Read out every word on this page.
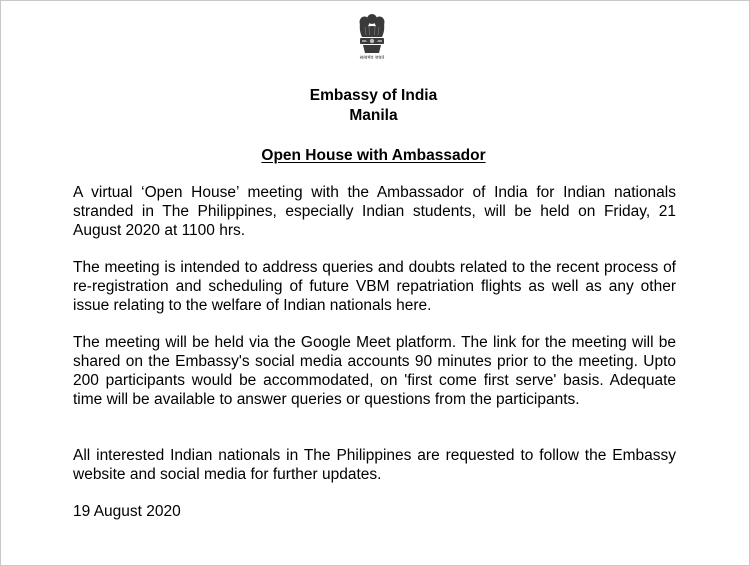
सत्यमेव जयते
Embassy of India
Manila
Open House with Ambassador

A virtual ‘Open House’ meeting with the Ambassador of India for Indian nationals stranded in The Philippines, especially Indian students, will be held on Friday, 21 August 2020 at 1100 hrs.

The meeting is intended to address queries and doubts related to the recent process of re-registration and scheduling of future VBM repatriation flights as well as any other issue relating to the welfare of Indian nationals here.

The meeting will be held via the Google Meet platform. The link for the meeting will be shared on the Embassy's social media accounts 90 minutes prior to the meeting. Upto 200 participants would be accommodated, on 'first come first serve' basis. Adequate time will be available to answer queries or questions from the participants.

All interested Indian nationals in The Philippines are requested to follow the Embassy website and social media for further updates.

19 August 2020
